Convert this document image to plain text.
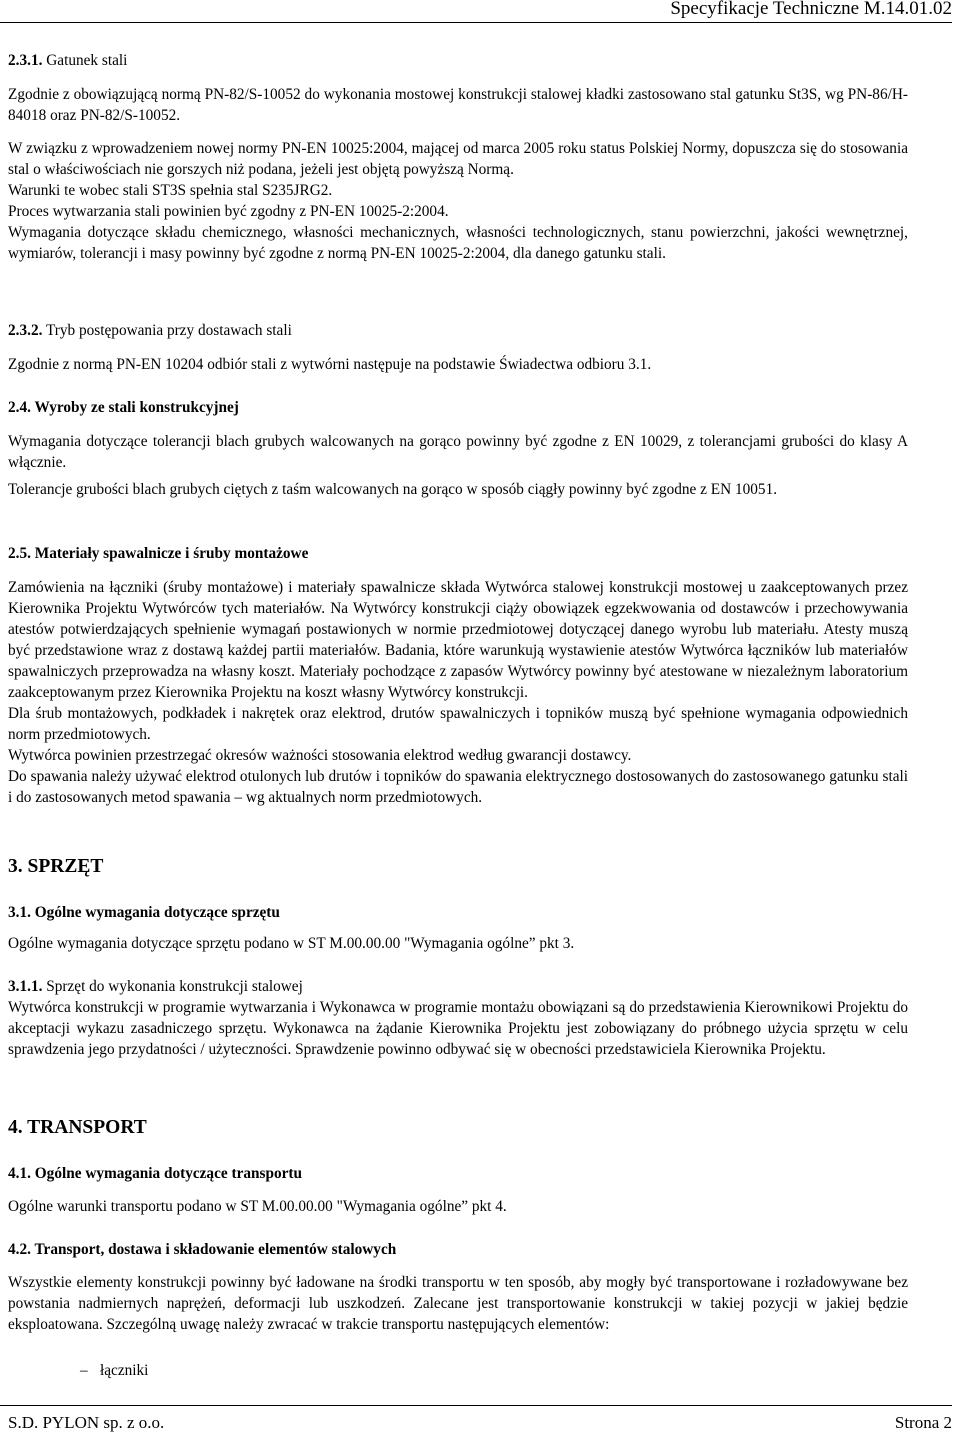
Specyfikacje Techniczne M.14.01.02

2.3.1. Gatunek stali

Zgodnie z obowiązującą normą PN-82/S-10052 do wykonania mostowej konstrukcji stalowej kładki zastosowano stal gatunku St3S, wg PN-86/H-84018 oraz PN-82/S-10052.

W związku z wprowadzeniem nowej normy PN-EN 10025:2004, mającej od marca 2005 roku status Polskiej Normy, dopuszcza się do stosowania stal o właściwościach nie gorszych niż podana, jeżeli jest objętą powyższą Normą.

Warunki te wobec stali ST3S spełnia stal S235JRG2.

Proces wytwarzania stali powinien być zgodny z PN-EN 10025-2:2004.

Wymagania dotyczące składu chemicznego, własności mechanicznych, własności technologicznych, stanu powierzchni, jakości wewnętrznej, wymiarów, tolerancji i masy powinny być zgodne z normą PN-EN 10025-2:2004, dla danego gatunku stali.

2.3.2. Tryb postępowania przy dostawach stali

Zgodnie z normą PN-EN 10204 odbiór stali z wytwórni następuje na podstawie Świadectwa odbioru 3.1.

2.4. Wyroby ze stali konstrukcyjnej

Wymagania dotyczące tolerancji blach grubych walcowanych na gorąco powinny być zgodne z EN 10029, z tolerancjami grubości do klasy A włącznie.

Tolerancje grubości blach grubych ciętych z taśm walcowanych na gorąco w sposób ciągły powinny być zgodne z EN 10051.

2.5. Materiały spawalnicze i śruby montażowe

Zamówienia na łączniki (śruby montażowe) i materiały spawalnicze składa Wytwórca stalowej konstrukcji mostowej u zaakceptowanych przez Kierownika Projektu Wytwórców tych materiałów. Na Wytwórcy konstrukcji ciąży obowiązek egzekwowania od dostawców i przechowywania atestów potwierdzających spełnienie wymagań postawionych w normie przedmiotowej dotyczącej danego wyrobu lub materiału. Atesty muszą być przedstawione wraz z dostawą każdej partii materiałów. Badania, które warunkują wystawienie atestów Wytwórca łączników lub materiałów spawalniczych przeprowadza na własny koszt. Materiały pochodzące z zapasów Wytwórcy powinny być atestowane w niezależnym laboratorium zaakceptowanym przez Kierownika Projektu na koszt własny Wytwórcy konstrukcji.

Dla śrub montażowych, podkładek i nakrętek oraz elektrod, drutów spawalniczych i topników muszą być spełnione wymagania odpowiednich norm przedmiotowych.

Wytwórca powinien przestrzegać okresów ważności stosowania elektrod według gwarancji dostawcy.

Do spawania należy używać elektrod otulonych lub drutów i topników do spawania elektrycznego dostosowanych do zastosowanego gatunku stali i do zastosowanych metod spawania – wg aktualnych norm przedmiotowych.

3. SPRZĘT

3.1. Ogólne wymagania dotyczące sprzętu

Ogólne wymagania dotyczące sprzętu podano w ST M.00.00.00 "Wymagania ogólne” pkt 3.

3.1.1. Sprzęt do wykonania konstrukcji stalowej

Wytwórca konstrukcji w programie wytwarzania i Wykonawca w programie montażu obowiązani są do przedstawienia Kierownikowi Projektu do akceptacji wykazu zasadniczego sprzętu. Wykonawca na żądanie Kierownika Projektu jest zobowiązany do próbnego użycia sprzętu w celu sprawdzenia jego przydatności / użyteczności. Sprawdzenie powinno odbywać się w obecności przedstawiciela Kierownika Projektu.

4. TRANSPORT

4.1. Ogólne wymagania dotyczące transportu

Ogólne warunki transportu podano w ST M.00.00.00 "Wymagania ogólne” pkt 4.

4.2. Transport, dostawa i składowanie elementów stalowych

Wszystkie elementy konstrukcji powinny być ładowane na środki transportu w ten sposób, aby mogły być transportowane i rozładowywane bez powstania nadmiernych naprężeń, deformacji lub uszkodzeń. Zalecane jest transportowanie konstrukcji w takiej pozycji w jakiej będzie eksploatowana. Szczególną uwagę należy zwracać w trakcie transportu następujących elementów:

– łączniki
S.D. PYLON sp. z o.o.	Strona 2
